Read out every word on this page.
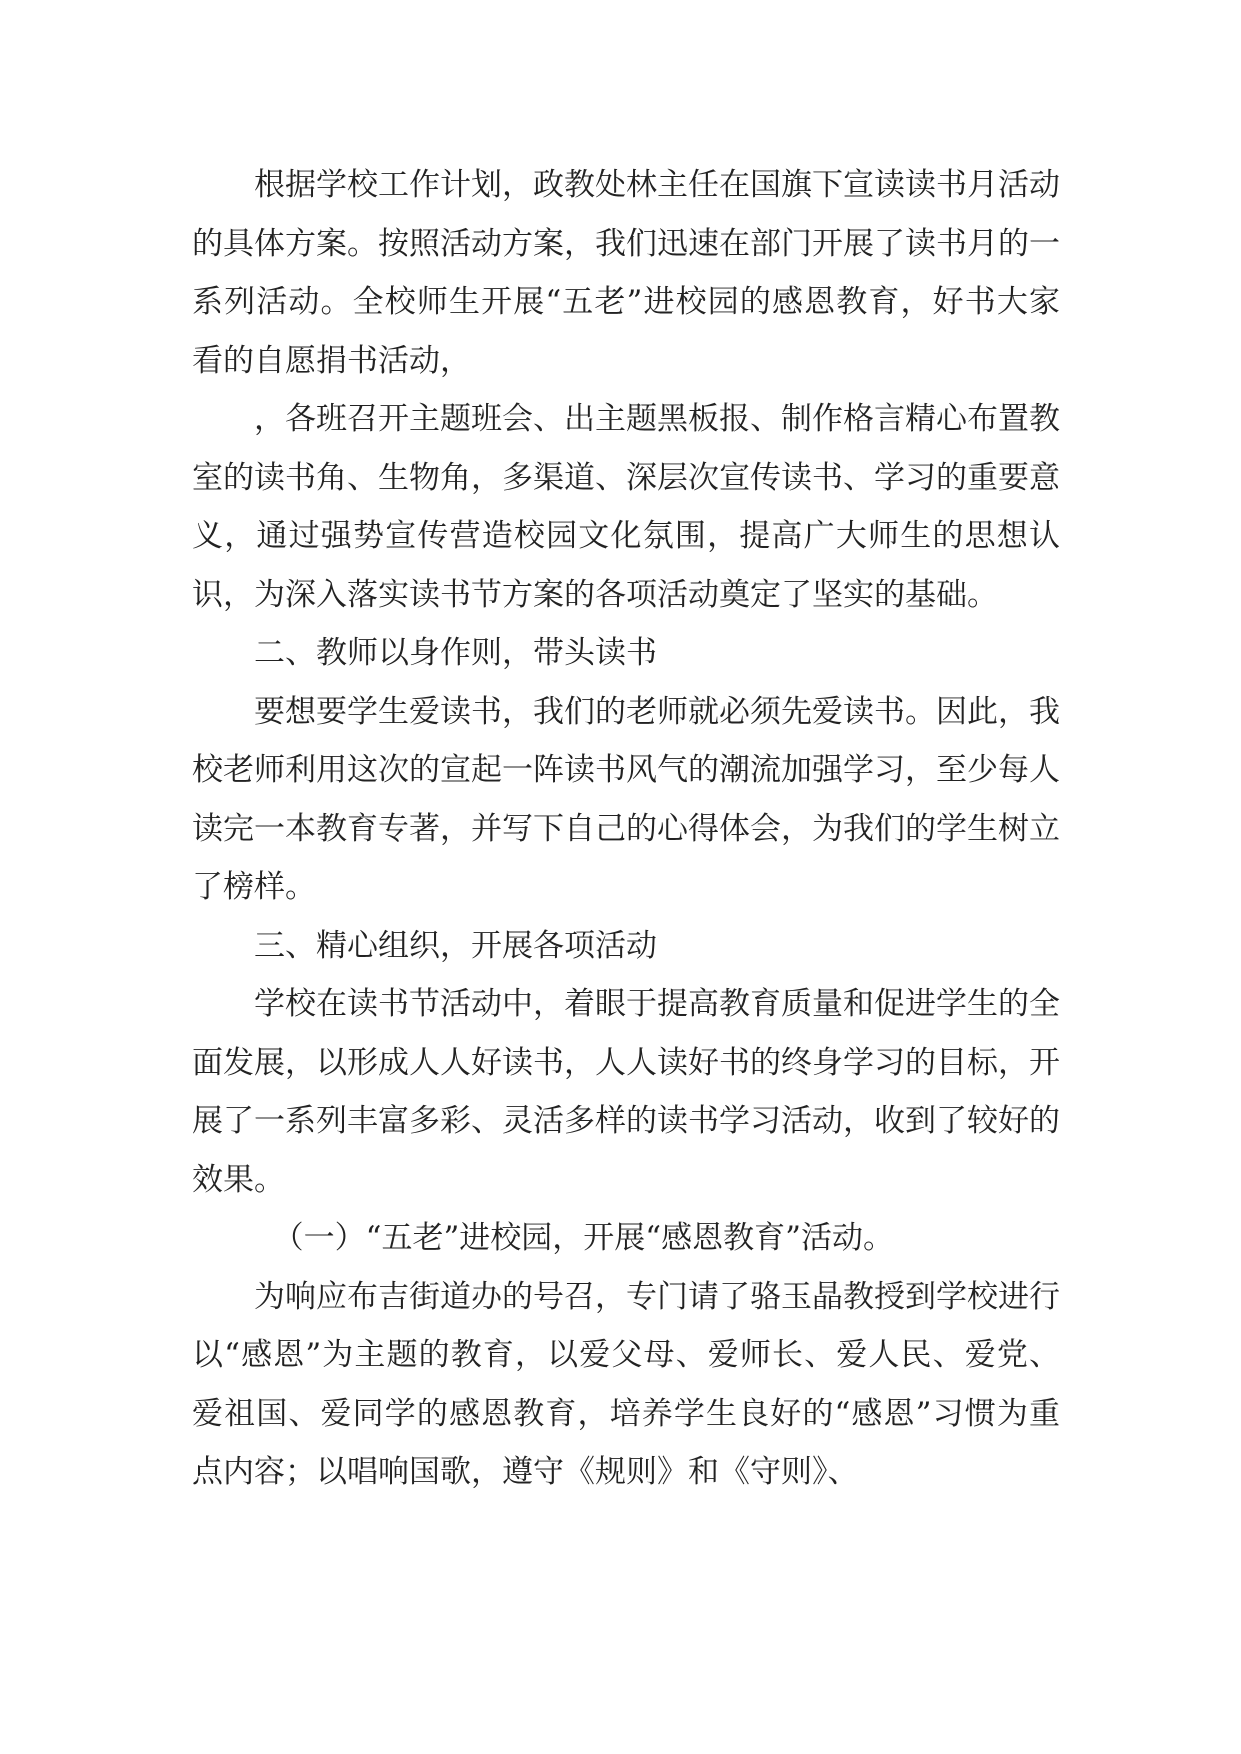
根据学校工作计划，政教处林主任在国旗下宣读读书月活动的具体方案。按照活动方案，我们迅速在部门开展了读书月的一系列活动。全校师生开展“五老”进校园的感恩教育，好书大家看的自愿捐书活动，

，各班召开主题班会、出主题黑板报、制作格言精心布置教室的读书角、生物角，多渠道、深层次宣传读书、学习的重要意义，通过强势宣传营造校园文化氛围，提高广大师生的思想认识，为深入落实读书节方案的各项活动奠定了坚实的基础。

二、教师以身作则，带头读书

要想要学生爱读书，我们的老师就必须先爱读书。因此，我校老师利用这次的宣起一阵读书风气的潮流加强学习，至少每人读完一本教育专著，并写下自己的心得体会，为我们的学生树立了榜样。

三、精心组织，开展各项活动

学校在读书节活动中，着眼于提高教育质量和促进学生的全面发展，以形成人人好读书，人人读好书的终身学习的目标，开展了一系列丰富多彩、灵活多样的读书学习活动，收到了较好的效果。

（一）“五老”进校园，开展“感恩教育”活动。

为响应布吉街道办的号召，专门请了骆玉晶教授到学校进行以“感恩”为主题的教育，以爱父母、爱师长、爱人民、爱党、爱祖国、爱同学的感恩教育，培养学生良好的“感恩”习惯为重点内容；以唱响国歌，遵守《规则》和《守则》、
